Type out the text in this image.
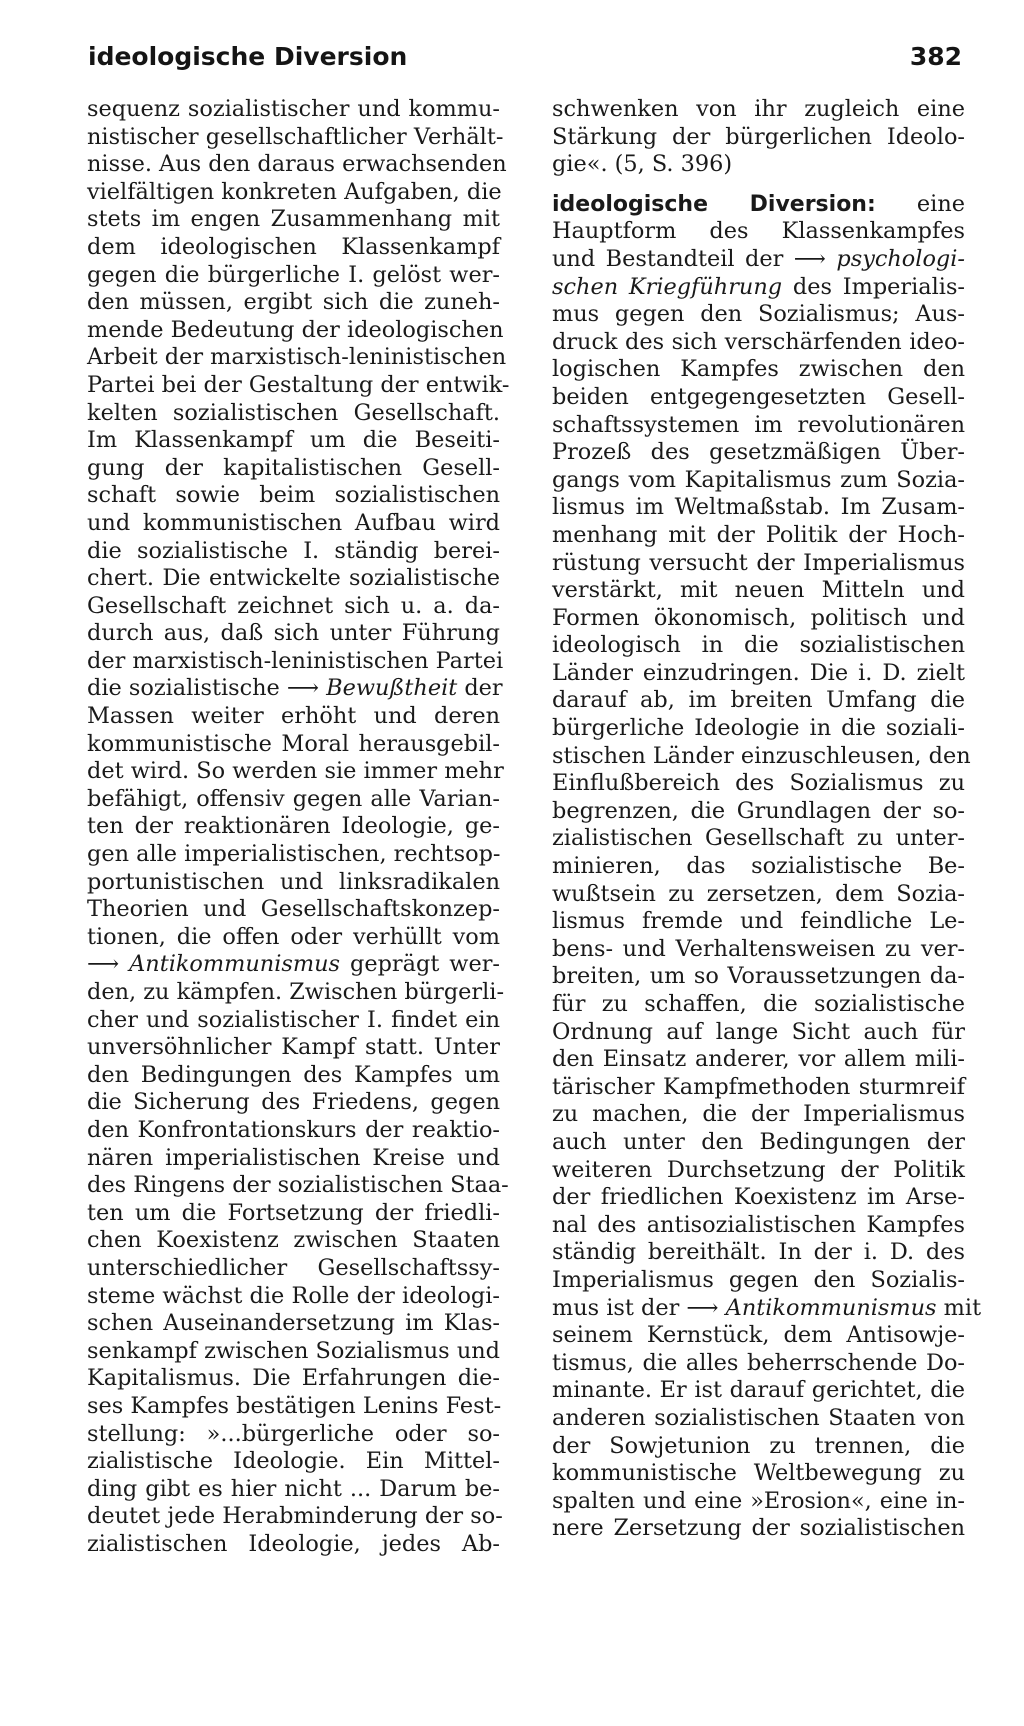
ideologische Diversion	382
sequenz sozialistischer und kommu-
nistischer gesellschaftlicher Verhält-
nisse. Aus den daraus erwachsenden
vielfältigen konkreten Aufgaben, die
stets im engen Zusammenhang mit
dem ideologischen Klassenkampf
gegen die bürgerliche I. gelöst wer-
den müssen, ergibt sich die zuneh-
mende Bedeutung der ideologischen
Arbeit der marxistisch-leninistischen
Partei bei der Gestaltung der entwik-
kelten sozialistischen Gesellschaft.
Im Klassenkampf um die Beseiti-
gung der kapitalistischen Gesell-
schaft sowie beim sozialistischen
und kommunistischen Aufbau wird
die sozialistische I. ständig berei-
chert. Die entwickelte sozialistische
Gesellschaft zeichnet sich u. a. da-
durch aus, daß sich unter Führung
der marxistisch-leninistischen Partei
die sozialistische ⟶ Bewußtheit der
Massen weiter erhöht und deren
kommunistische Moral herausgebil-
det wird. So werden sie immer mehr
befähigt, offensiv gegen alle Varian-
ten der reaktionären Ideologie, ge-
gen alle imperialistischen, rechtsop-
portunistischen und linksradikalen
Theorien und Gesellschaftskonzep-
tionen, die offen oder verhüllt vom
⟶ Antikommunismus geprägt wer-
den, zu kämpfen. Zwischen bürgerli-
cher und sozialistischer I. findet ein
unversöhnlicher Kampf statt. Unter
den Bedingungen des Kampfes um
die Sicherung des Friedens, gegen
den Konfrontationskurs der reaktio-
nären imperialistischen Kreise und
des Ringens der sozialistischen Staa-
ten um die Fortsetzung der friedli-
chen Koexistenz zwischen Staaten
unterschiedlicher Gesellschaftssy-
steme wächst die Rolle der ideologi-
schen Auseinandersetzung im Klas-
senkampf zwischen Sozialismus und
Kapitalismus. Die Erfahrungen die-
ses Kampfes bestätigen Lenins Fest-
stellung: »...bürgerliche oder so-
zialistische Ideologie. Ein Mittel-
ding gibt es hier nicht ... Darum be-
deutet jede Herabminderung der so-
zialistischen Ideologie, jedes Ab-
schwenken von ihr zugleich eine
Stärkung der bürgerlichen Ideolo-
gie«. (5, S. 396)
ideologische Diversion: eine
Hauptform des Klassenkampfes
und Bestandteil der ⟶ psychologi-
schen Kriegführung des Imperialis-
mus gegen den Sozialismus; Aus-
druck des sich verschärfenden ideo-
logischen Kampfes zwischen den
beiden entgegengesetzten Gesell-
schaftssystemen im revolutionären
Prozeß des gesetzmäßigen Über-
gangs vom Kapitalismus zum Sozia-
lismus im Weltmaßstab. Im Zusam-
menhang mit der Politik der Hoch-
rüstung versucht der Imperialismus
verstärkt, mit neuen Mitteln und
Formen ökonomisch, politisch und
ideologisch in die sozialistischen
Länder einzudringen. Die i. D. zielt
darauf ab, im breiten Umfang die
bürgerliche Ideologie in die soziali-
stischen Länder einzuschleusen, den
Einflußbereich des Sozialismus zu
begrenzen, die Grundlagen der so-
zialistischen Gesellschaft zu unter-
minieren, das sozialistische Be-
wußtsein zu zersetzen, dem Sozia-
lismus fremde und feindliche Le-
bens- und Verhaltensweisen zu ver-
breiten, um so Voraussetzungen da-
für zu schaffen, die sozialistische
Ordnung auf lange Sicht auch für
den Einsatz anderer, vor allem mili-
tärischer Kampfmethoden sturmreif
zu machen, die der Imperialismus
auch unter den Bedingungen der
weiteren Durchsetzung der Politik
der friedlichen Koexistenz im Arse-
nal des antisozialistischen Kampfes
ständig bereithält. In der i. D. des
Imperialismus gegen den Sozialis-
mus ist der ⟶ Antikommunismus mit
seinem Kernstück, dem Antisowje-
tismus, die alles beherrschende Do-
minante. Er ist darauf gerichtet, die
anderen sozialistischen Staaten von
der Sowjetunion zu trennen, die
kommunistische Weltbewegung zu
spalten und eine »Erosion«, eine in-
nere Zersetzung der sozialistischen
